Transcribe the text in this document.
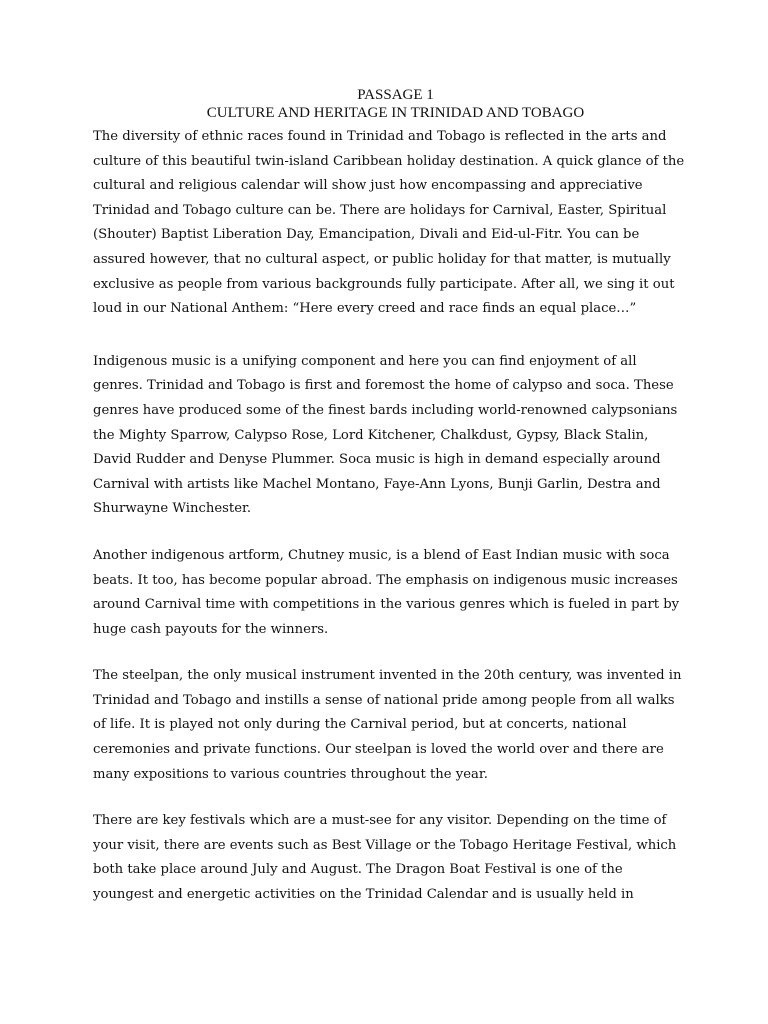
PASSAGE 1
CULTURE AND HERITAGE IN TRINIDAD AND TOBAGO
The diversity of ethnic races found in Trinidad and Tobago is reflected in the arts and
culture of this beautiful twin-island Caribbean holiday destination. A quick glance of the
cultural and religious calendar will show just how encompassing and appreciative
Trinidad and Tobago culture can be. There are holidays for Carnival, Easter, Spiritual
(Shouter) Baptist Liberation Day, Emancipation, Divali and Eid-ul-Fitr. You can be
assured however, that no cultural aspect, or public holiday for that matter, is mutually
exclusive as people from various backgrounds fully participate. After all, we sing it out
loud in our National Anthem: “Here every creed and race finds an equal place…”
Indigenous music is a unifying component and here you can find enjoyment of all
genres. Trinidad and Tobago is first and foremost the home of calypso and soca. These
genres have produced some of the finest bards including world-renowned calypsonians
the Mighty Sparrow, Calypso Rose, Lord Kitchener, Chalkdust, Gypsy, Black Stalin,
David Rudder and Denyse Plummer. Soca music is high in demand especially around
Carnival with artists like Machel Montano, Faye-Ann Lyons, Bunji Garlin, Destra and
Shurwayne Winchester.
Another indigenous artform, Chutney music, is a blend of East Indian music with soca
beats. It too, has become popular abroad. The emphasis on indigenous music increases
around Carnival time with competitions in the various genres which is fueled in part by
huge cash payouts for the winners.
The steelpan, the only musical instrument invented in the 20th century, was invented in
Trinidad and Tobago and instills a sense of national pride among people from all walks
of life. It is played not only during the Carnival period, but at concerts, national
ceremonies and private functions. Our steelpan is loved the world over and there are
many expositions to various countries throughout the year.
There are key festivals which are a must-see for any visitor. Depending on the time of
your visit, there are events such as Best Village or the Tobago Heritage Festival, which
both take place around July and August. The Dragon Boat Festival is one of the
youngest and energetic activities on the Trinidad Calendar and is usually held in
